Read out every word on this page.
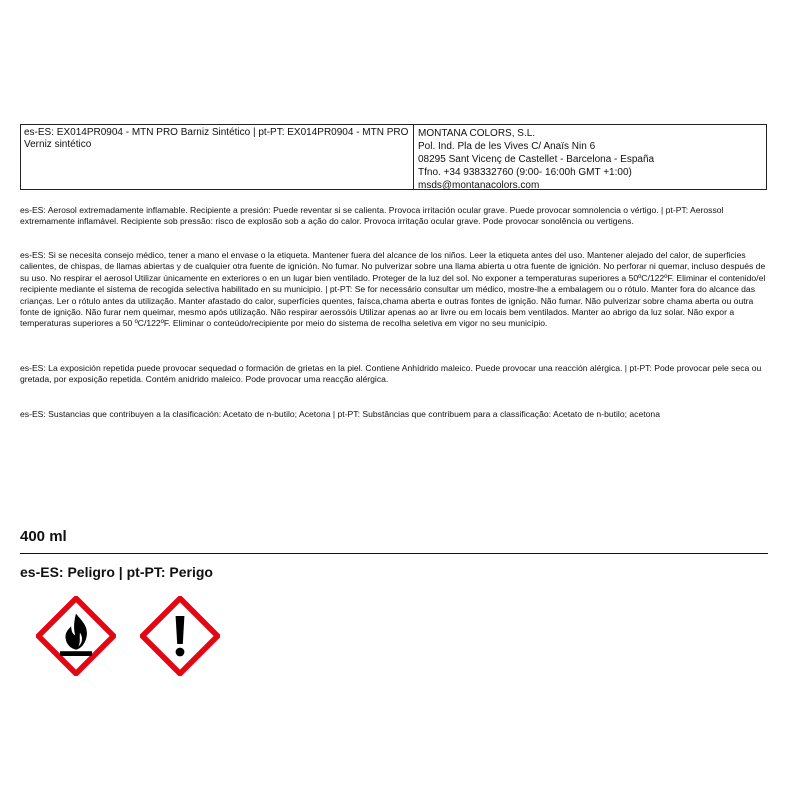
es-ES: EX014PR0904 - MTN PRO Barniz Sintético | pt-PT: EX014PR0904 - MTN PRO Verniz sintético
MONTANA COLORS, S.L.
Pol. Ind. Pla de les Vives C/ Anaïs Nin 6
08295 Sant Vicenç de Castellet - Barcelona - España
Tfno. +34 938332760 (9:00- 16:00h GMT +1:00)
msds@montanacolors.com

es-ES: Aerosol extremadamente inflamable. Recipiente a presión: Puede reventar si se calienta. Provoca irritación ocular grave. Puede provocar somnolencia o vértigo. | pt-PT: Aerossol extremamente inflamável. Recipiente sob pressão: risco de explosão sob a ação do calor. Provoca irritação ocular grave. Pode provocar sonolência ou vertigens.

es-ES: Si se necesita consejo médico, tener a mano el envase o la etiqueta. Mantener fuera del alcance de los niños. Leer la etiqueta antes del uso. Mantener alejado del calor, de superficies calientes, de chispas, de llamas abiertas y de cualquier otra fuente de ignición. No fumar. No pulverizar sobre una llama abierta u otra fuente de ignición. No perforar ni quemar, incluso después de su uso. No respirar el aerosol Utilizar únicamente en exteriores o en un lugar bien ventilado. Proteger de la luz del sol. No exponer a temperaturas superiores a 50ºC/122ºF. Eliminar el contenido/el recipiente mediante el sistema de recogida selectiva habilitado en su municipio. | pt-PT: Se for necessário consultar um médico, mostre-lhe a embalagem ou o rótulo. Manter fora do alcance das crianças. Ler o rótulo antes da utilização. Manter afastado do calor, superfícies quentes, faísca,chama aberta e outras fontes de ignição. Não fumar. Não pulverizar sobre chama aberta ou outra fonte de ignição. Não furar nem queimar, mesmo após utilização. Não respirar aerossóis Utilizar apenas ao ar livre ou em locais bem ventilados. Manter ao abrigo da luz solar. Não expor a temperaturas superiores a 50 ºC/122ºF. Eliminar o conteúdo/recipiente por meio do sistema de recolha seletiva em vigor no seu município.

es-ES: La exposición repetida puede provocar sequedad o formación de grietas en la piel. Contiene Anhídrido maleico. Puede provocar una reacción alérgica. | pt-PT: Pode provocar pele seca ou gretada, por exposição repetida. Contém anidrido maleico. Pode provocar uma reacção alérgica.

es-ES: Sustancias que contribuyen a la clasificación: Acetato de n-butilo; Acetona | pt-PT: Substâncias que contribuem para a classificação: Acetato de n-butilo; acetona

400 ml
es-ES: Peligro | pt-PT: Perigo
